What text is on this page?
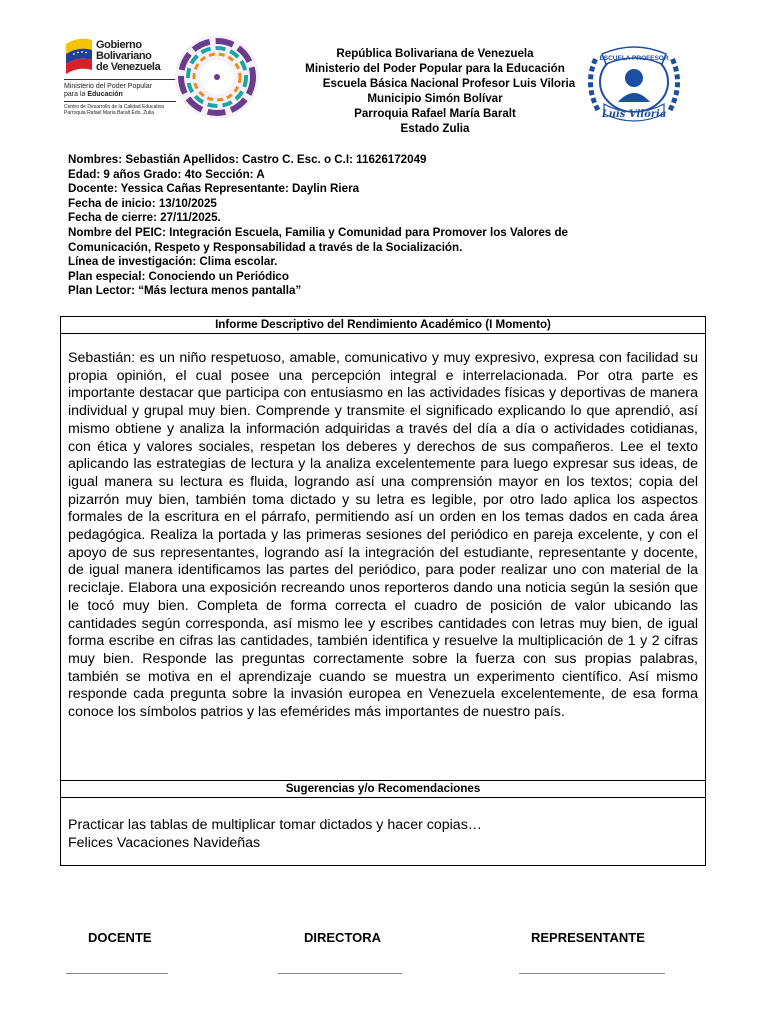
Gobierno
Bolivariano
de Venezuela
Ministerio del Poder Popular
para la Educación
Centro de Desarrollo de la Calidad Educativa
Parroquia Rafael María Baralt Edo. Zulia
República Bolivariana de Venezuela
Ministerio del Poder Popular para la Educación
Escuela Básica Nacional Profesor Luis Viloria
Municipio Simón Bolívar
Parroquia Rafael María Baralt
Estado Zulia
ESCUELA PROFESOR
Luis Viloria
Nombres: Sebastián Apellidos: Castro C. Esc. o C.I: 11626172049
Edad: 9 años Grado: 4to Sección: A
Docente: Yessica Cañas Representante: Daylin Riera
Fecha de inicio: 13/10/2025
Fecha de cierre: 27/11/2025.
Nombre del PEIC: Integración Escuela, Familia y Comunidad para Promover los Valores de
Comunicación, Respeto y Responsabilidad a través de la Socialización.
Línea de investigación: Clima escolar.
Plan especial: Conociendo un Periódico
Plan Lector: “Más lectura menos pantalla”
Informe Descriptivo del Rendimiento Académico (I Momento)
Sebastián: es un niño respetuoso, amable, comunicativo y muy expresivo, expresa con facilidad su propia opinión, el cual posee una percepción integral e interrelacionada. Por otra parte es importante destacar que participa con entusiasmo en las actividades físicas y deportivas de manera individual y grupal muy bien. Comprende y transmite el significado explicando lo que aprendió, así mismo obtiene y analiza la información adquiridas a través del día a día o actividades cotidianas, con ética y valores sociales, respetan los deberes y derechos de sus compañeros. Lee el texto aplicando las estrategias de lectura y la analiza excelentemente para luego expresar sus ideas, de igual manera su lectura es fluida, logrando así una comprensión mayor en los textos; copia del pizarrón muy bien, también toma dictado y su letra es legible, por otro lado aplica los aspectos formales de la escritura en el párrafo, permitiendo así un orden en los temas dados en cada área pedagógica. Realiza la portada y las primeras sesiones del periódico en pareja excelente, y con el apoyo de sus representantes, logrando así la integración del estudiante, representante y docente, de igual manera identificamos las partes del periódico, para poder realizar uno con material de la reciclaje. Elabora una exposición recreando unos reporteros dando una noticia según la sesión que le tocó muy bien. Completa de forma correcta el cuadro de posición de valor ubicando las cantidades según corresponda, así mismo lee y escribes cantidades con letras muy bien, de igual forma escribe en cifras las cantidades, también identifica y resuelve la multiplicación de 1 y 2 cifras muy bien. Responde las preguntas correctamente sobre la fuerza con sus propias palabras, también se motiva en el aprendizaje cuando se muestra un experimento científico. Así mismo responde cada pregunta sobre la invasión europea en Venezuela excelentemente, de esa forma conoce los símbolos patrios y las efemérides más importantes de nuestro país.
Sugerencias y/o Recomendaciones
Practicar las tablas de multiplicar tomar dictados y hacer copias…
Felices Vacaciones Navideñas
DOCENTE	DIRECTORA	REPRESENTANTE
